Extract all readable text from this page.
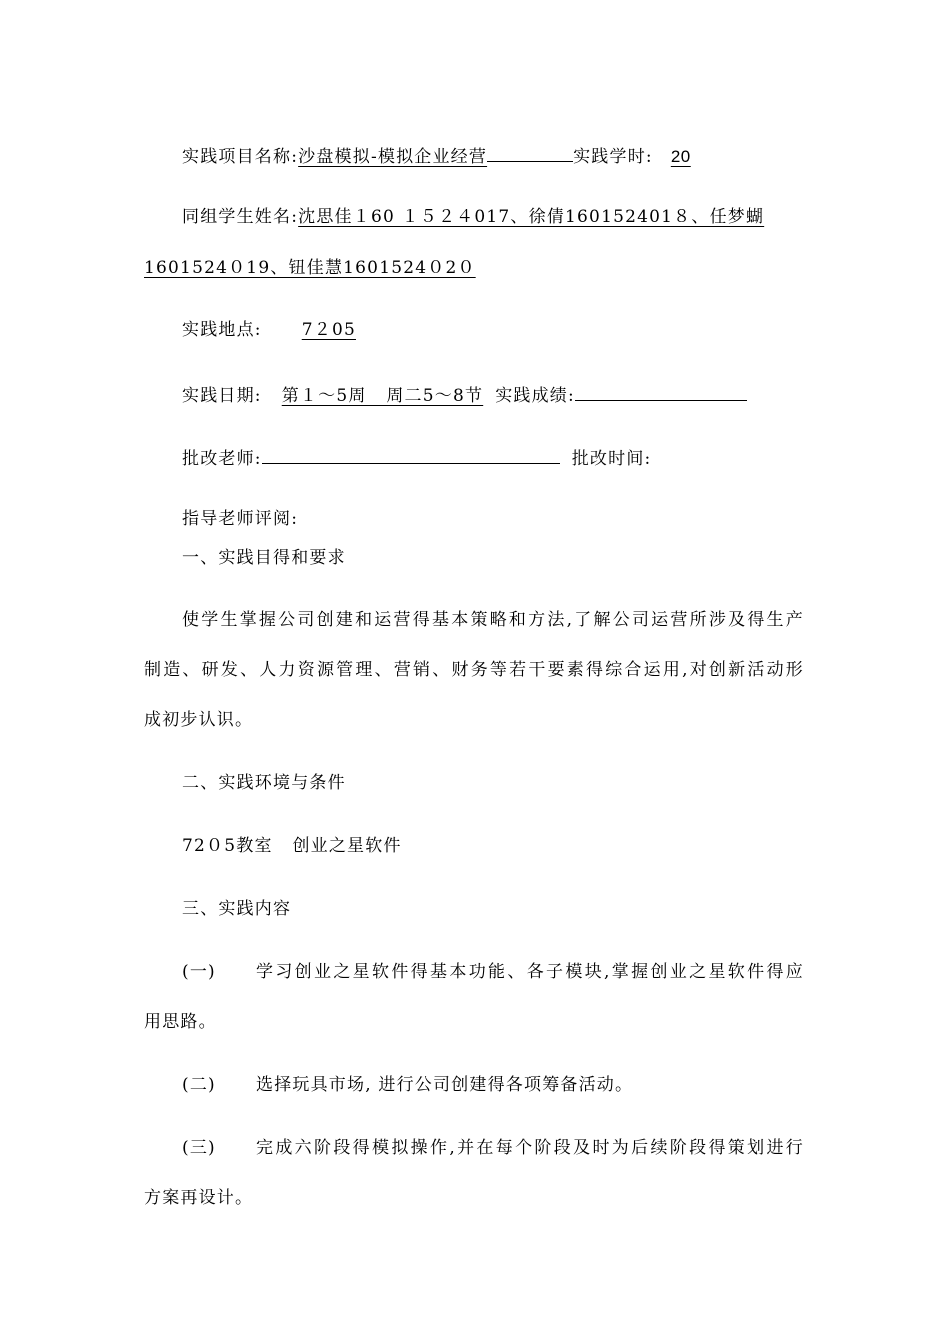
实践项目名称:沙盘模拟-模拟企业经营	实践学时: 20
同组学生姓名:沈思佳１60 １５２４017、徐倩160152401８、任梦蝴
1601524０19、钮佳慧1601524０2０
实践地点: 7２05
实践日期: 第１～5周   周二5～8节 实践成绩:
批改老师:	批改时间:
指导老师评阅:
一、实践目得和要求
使学生掌握公司创建和运营得基本策略和方法,了解公司运营所涉及得生产
制造、研发、人力资源管理、营销、财务等若干要素得综合运用,对创新活动形
成初步认识。
二、实践环境与条件
72０5教室   创业之星软件
三、实践内容
(一) 学习创业之星软件得基本功能、各子模块,掌握创业之星软件得应
用思路。
(二) 选择玩具市场, 进行公司创建得各项筹备活动。
(三) 完成六阶段得模拟操作,并在每个阶段及时为后续阶段得策划进行
方案再设计。
